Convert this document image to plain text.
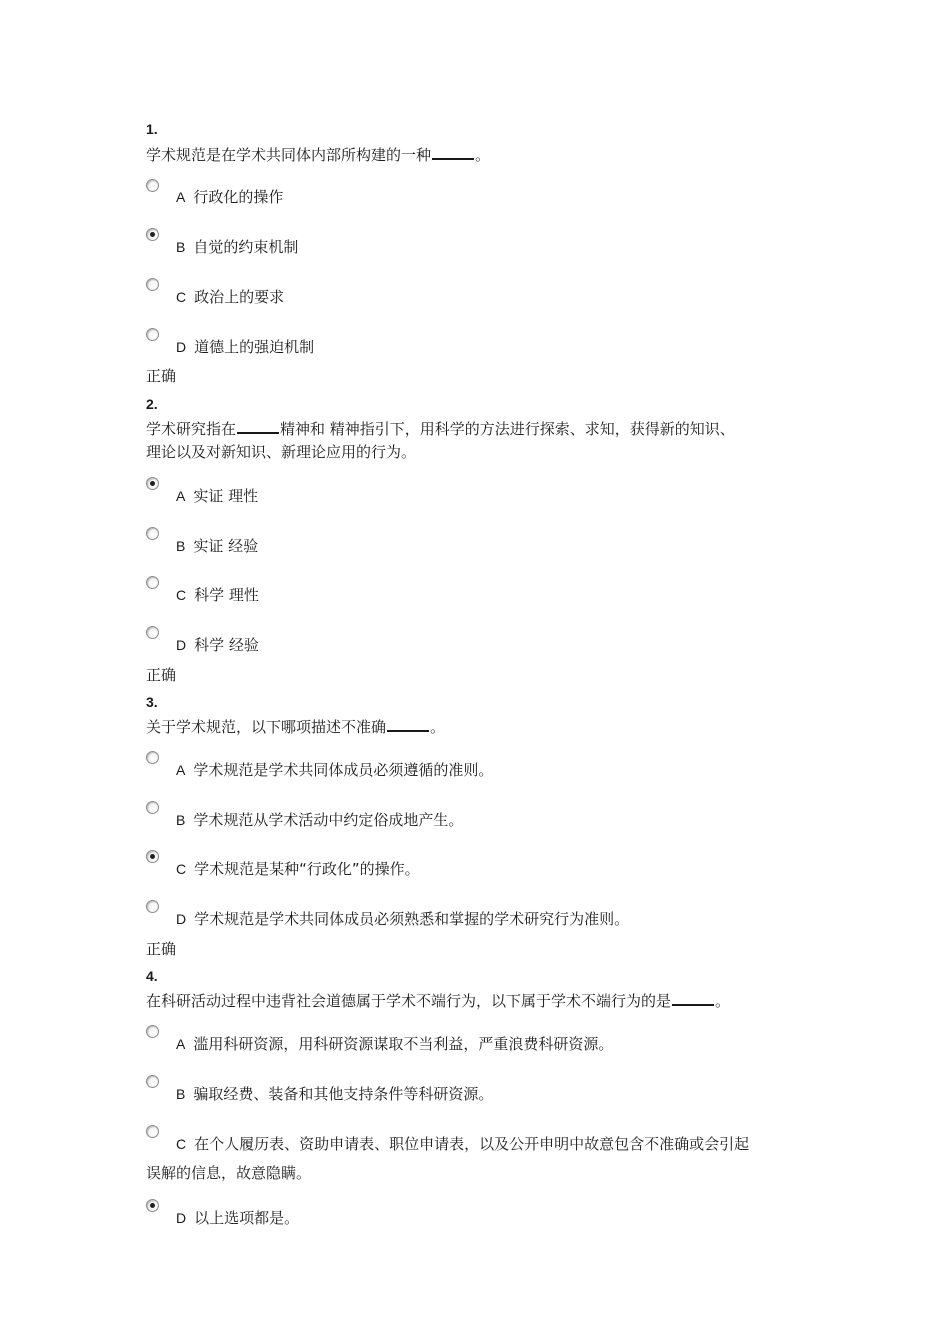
1.
学术规范是在学术共同体内部所构建的一种	。
A 行政化的操作
B 自觉的约束机制
C 政治上的要求
D 道德上的强迫机制
正确
2.
学术研究指在	精神和 精神指引下，用科学的方法进行探索、求知，获得新的知识、
理论以及对新知识、新理论应用的行为。
A 实证 理性
B 实证 经验
C 科学 理性
D 科学 经验
正确
3.
关于学术规范，以下哪项描述不准确	。
A 学术规范是学术共同体成员必须遵循的准则。
B 学术规范从学术活动中约定俗成地产生。
C 学术规范是某种“行政化”的操作。
D 学术规范是学术共同体成员必须熟悉和掌握的学术研究行为准则。
正确
4.
在科研活动过程中违背社会道德属于学术不端行为，以下属于学术不端行为的是	。
A 滥用科研资源，用科研资源谋取不当利益，严重浪费科研资源。
B 骗取经费、装备和其他支持条件等科研资源。
C 在个人履历表、资助申请表、职位申请表，以及公开申明中故意包含不准确或会引起
误解的信息，故意隐瞒。
D 以上选项都是。
